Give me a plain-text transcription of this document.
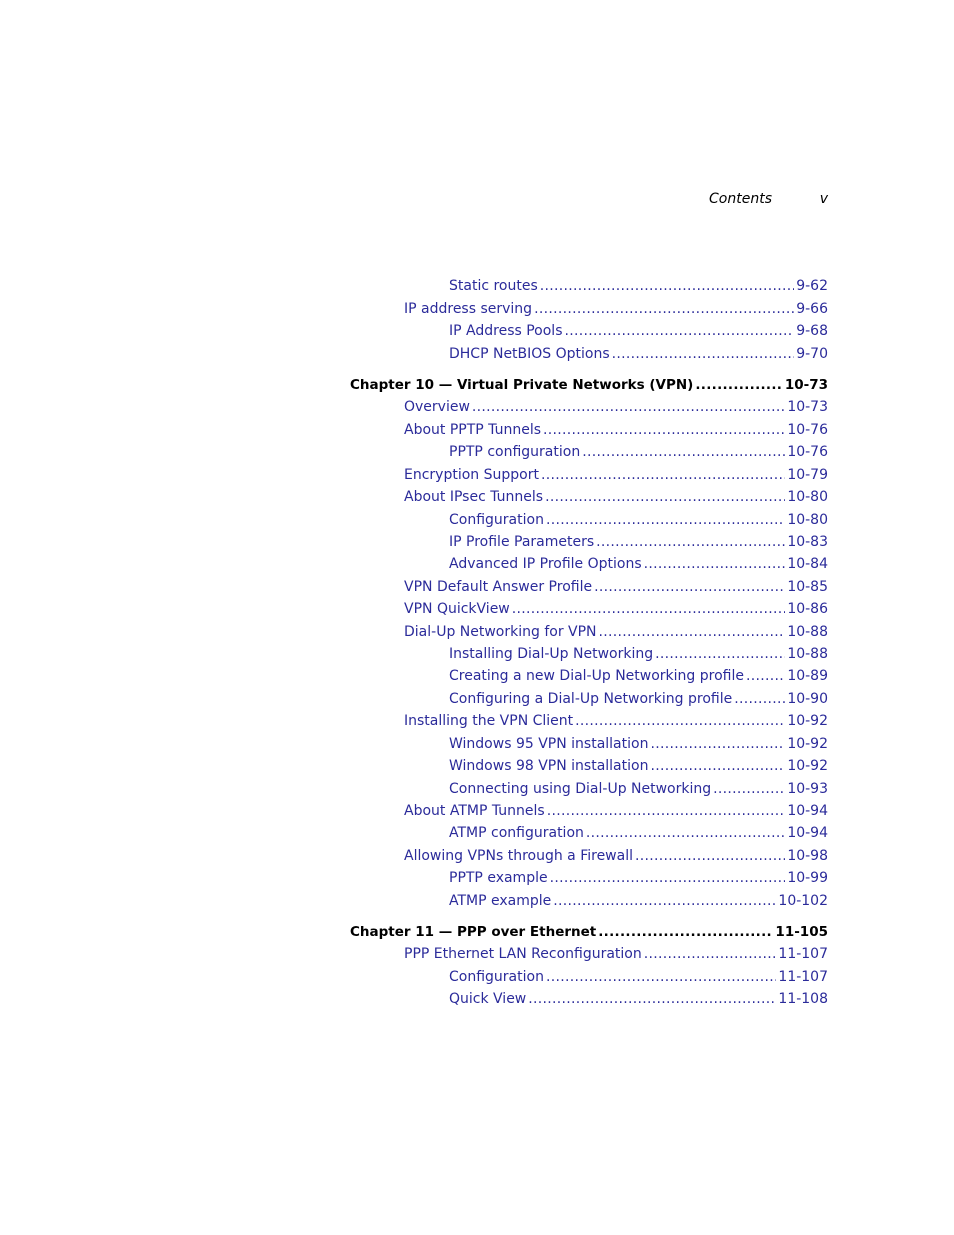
Contents	v
Static routes .....	9-62
IP address serving .....	9-66
IP Address Pools .....	9-68
DHCP NetBIOS Options .....	9-70
Chapter 10 — Virtual Private Networks (VPN) .....	10-73
Overview .....	10-73
About PPTP Tunnels .....	10-76
PPTP configuration .....	10-76
Encryption Support .....	10-79
About IPsec Tunnels .....	10-80
Configuration .....	10-80
IP Profile Parameters .....	10-83
Advanced IP Profile Options .....	10-84
VPN Default Answer Profile .....	10-85
VPN QuickView .....	10-86
Dial-Up Networking for VPN .....	10-88
Installing Dial-Up Networking .....	10-88
Creating a new Dial-Up Networking profile .....	10-89
Configuring a Dial-Up Networking profile .....	10-90
Installing the VPN Client .....	10-92
Windows 95 VPN installation .....	10-92
Windows 98 VPN installation .....	10-92
Connecting using Dial-Up Networking .....	10-93
About ATMP Tunnels .....	10-94
ATMP configuration .....	10-94
Allowing VPNs through a Firewall .....	10-98
PPTP example .....	10-99
ATMP example .....	10-102
Chapter 11 — PPP over Ethernet .....	11-105
PPP Ethernet LAN Reconfiguration .....	11-107
Configuration .....	11-107
Quick View .....	11-108
